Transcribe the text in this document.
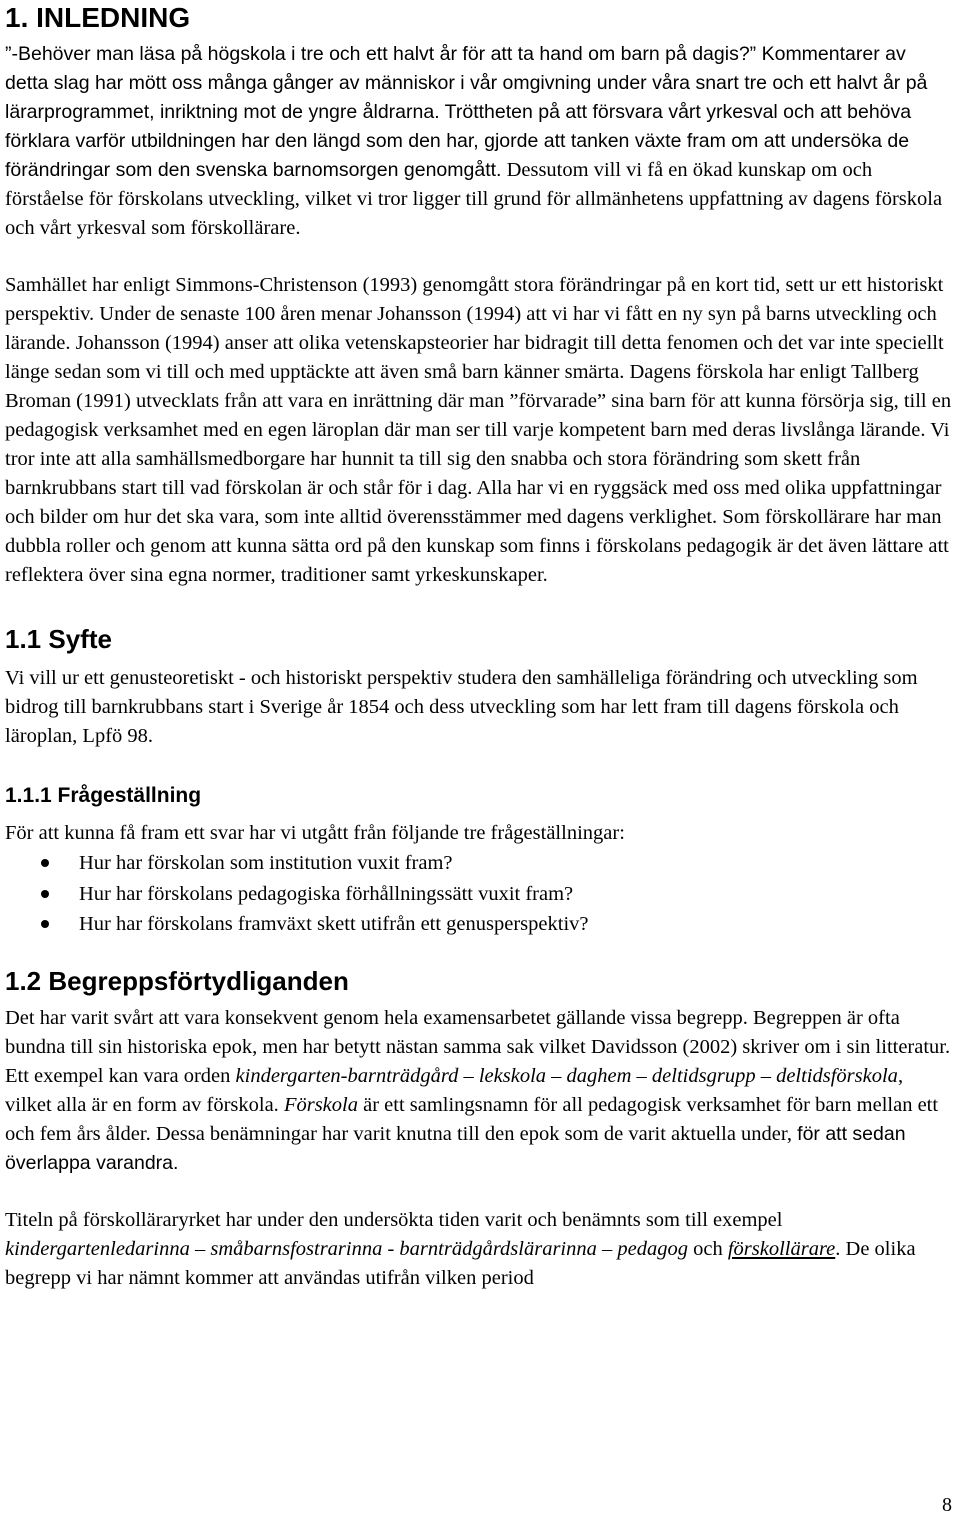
1. INLEDNING

”-Behöver man läsa på högskola i tre och ett halvt år för att ta hand om barn på dagis?” Kommentarer av detta slag har mött oss många gånger av människor i vår omgivning under våra snart tre och ett halvt år på lärarprogrammet, inriktning mot de yngre åldrarna. Tröttheten på att försvara vårt yrkesval och att behöva förklara varför utbildningen har den längd som den har, gjorde att tanken växte fram om att undersöka de förändringar som den svenska barnomsorgen genomgått. Dessutom vill vi få en ökad kunskap om och förståelse för förskolans utveckling, vilket vi tror ligger till grund för allmänhetens uppfattning av dagens förskola och vårt yrkesval som förskollärare.

Samhället har enligt Simmons-Christenson (1993) genomgått stora förändringar på en kort tid, sett ur ett historiskt perspektiv. Under de senaste 100 åren menar Johansson (1994) att vi har vi fått en ny syn på barns utveckling och lärande. Johansson (1994) anser att olika vetenskapsteorier har bidragit till detta fenomen och det var inte speciellt länge sedan som vi till och med upptäckte att även små barn känner smärta. Dagens förskola har enligt Tallberg Broman (1991) utvecklats från att vara en inrättning där man ”förvarade” sina barn för att kunna försörja sig, till en pedagogisk verksamhet med en egen läroplan där man ser till varje kompetent barn med deras livslånga lärande. Vi tror inte att alla samhällsmedborgare har hunnit ta till sig den snabba och stora förändring som skett från barnkrubbans start till vad förskolan är och står för i dag. Alla har vi en ryggsäck med oss med olika uppfattningar och bilder om hur det ska vara, som inte alltid överensstämmer med dagens verklighet. Som förskollärare har man dubbla roller och genom att kunna sätta ord på den kunskap som finns i förskolans pedagogik är det även lättare att reflektera över sina egna normer, traditioner samt yrkeskunskaper.

1.1 Syfte

Vi vill ur ett genusteoretiskt - och historiskt perspektiv studera den samhälleliga förändring och utveckling som bidrog till barnkrubbans start i Sverige år 1854 och dess utveckling som har lett fram till dagens förskola och läroplan, Lpfö 98.

1.1.1 Frågeställning

För att kunna få fram ett svar har vi utgått från följande tre frågeställningar:

Hur har förskolan som institution vuxit fram?
Hur har förskolans pedagogiska förhållningssätt vuxit fram?
Hur har förskolans framväxt skett utifrån ett genusperspektiv?
1.2 Begreppsförtydliganden

Det har varit svårt att vara konsekvent genom hela examensarbetet gällande vissa begrepp. Begreppen är ofta bundna till sin historiska epok, men har betytt nästan samma sak vilket Davidsson (2002) skriver om i sin litteratur. Ett exempel kan vara orden kindergarten-barnträdgård – lekskola – daghem – deltidsgrupp – deltidsförskola, vilket alla är en form av förskola. Förskola är ett samlingsnamn för all pedagogisk verksamhet för barn mellan ett och fem års ålder. Dessa benämningar har varit knutna till den epok som de varit aktuella under, för att sedan överlappa varandra.

Titeln på förskolläraryrket har under den undersökta tiden varit och benämnts som till exempel kindergartenledarinna – småbarnsfostrarinna - barnträdgårdslärarinna – pedagog och förskollärare. De olika begrepp vi har nämnt kommer att användas utifrån vilken period

8
